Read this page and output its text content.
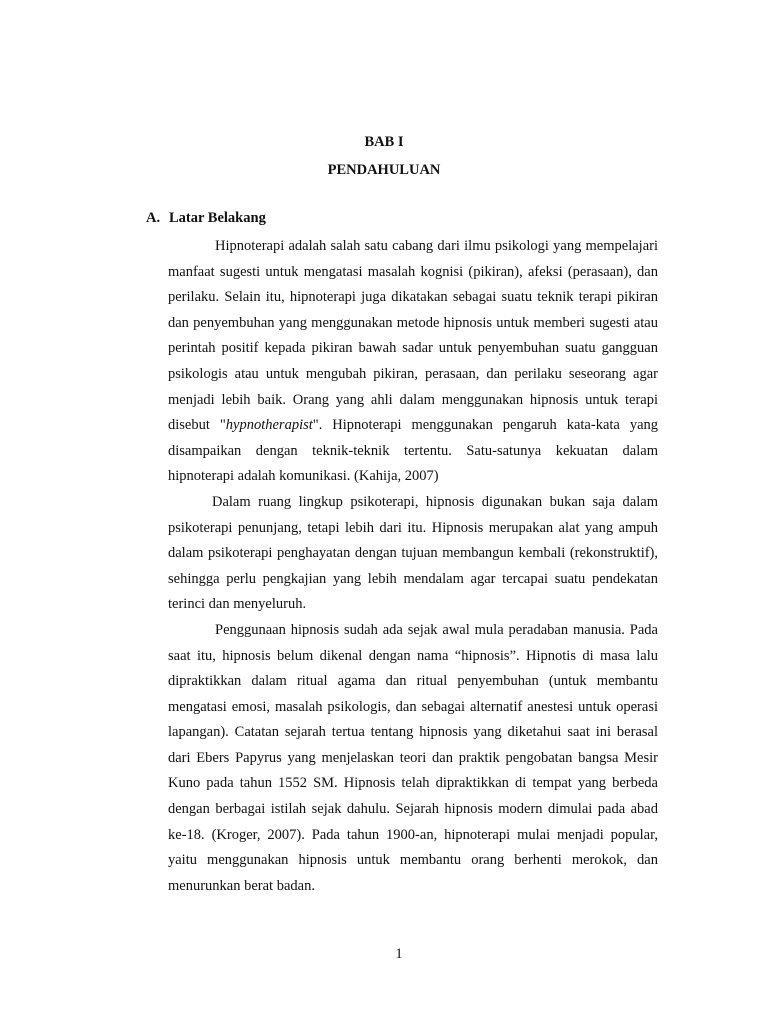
BAB I
PENDAHULUAN
A. Latar Belakang

Hipnoterapi adalah salah satu cabang dari ilmu psikologi yang mempelajari manfaat sugesti untuk mengatasi masalah kognisi (pikiran), afeksi (perasaan), dan perilaku. Selain itu, hipnoterapi juga dikatakan sebagai suatu teknik terapi pikiran dan penyembuhan yang menggunakan metode hipnosis untuk memberi sugesti atau perintah positif kepada pikiran bawah sadar untuk penyembuhan suatu gangguan psikologis atau untuk mengubah pikiran, perasaan, dan perilaku seseorang agar menjadi lebih baik. Orang yang ahli dalam menggunakan hipnosis untuk terapi disebut "hypnotherapist". Hipnoterapi menggunakan pengaruh kata-kata yang disampaikan dengan teknik-teknik tertentu. Satu-satunya kekuatan dalam hipnoterapi adalah komunikasi. (Kahija, 2007)

Dalam ruang lingkup psikoterapi, hipnosis digunakan bukan saja dalam psikoterapi penunjang, tetapi lebih dari itu. Hipnosis merupakan alat yang ampuh dalam psikoterapi penghayatan dengan tujuan membangun kembali (rekonstruktif), sehingga perlu pengkajian yang lebih mendalam agar tercapai suatu pendekatan terinci dan menyeluruh.

Penggunaan hipnosis sudah ada sejak awal mula peradaban manusia. Pada saat itu, hipnosis belum dikenal dengan nama “hipnosis”. Hipnotis di masa lalu dipraktikkan dalam ritual agama dan ritual penyembuhan (untuk membantu mengatasi emosi, masalah psikologis, dan sebagai alternatif anestesi untuk operasi lapangan). Catatan sejarah tertua tentang hipnosis yang diketahui saat ini berasal dari Ebers Papyrus yang menjelaskan teori dan praktik pengobatan bangsa Mesir Kuno pada tahun 1552 SM. Hipnosis telah dipraktikkan di tempat yang berbeda dengan berbagai istilah sejak dahulu. Sejarah hipnosis modern dimulai pada abad ke-18. (Kroger, 2007). Pada tahun 1900-an, hipnoterapi mulai menjadi popular, yaitu menggunakan hipnosis untuk membantu orang berhenti merokok, dan menurunkan berat badan.

1
